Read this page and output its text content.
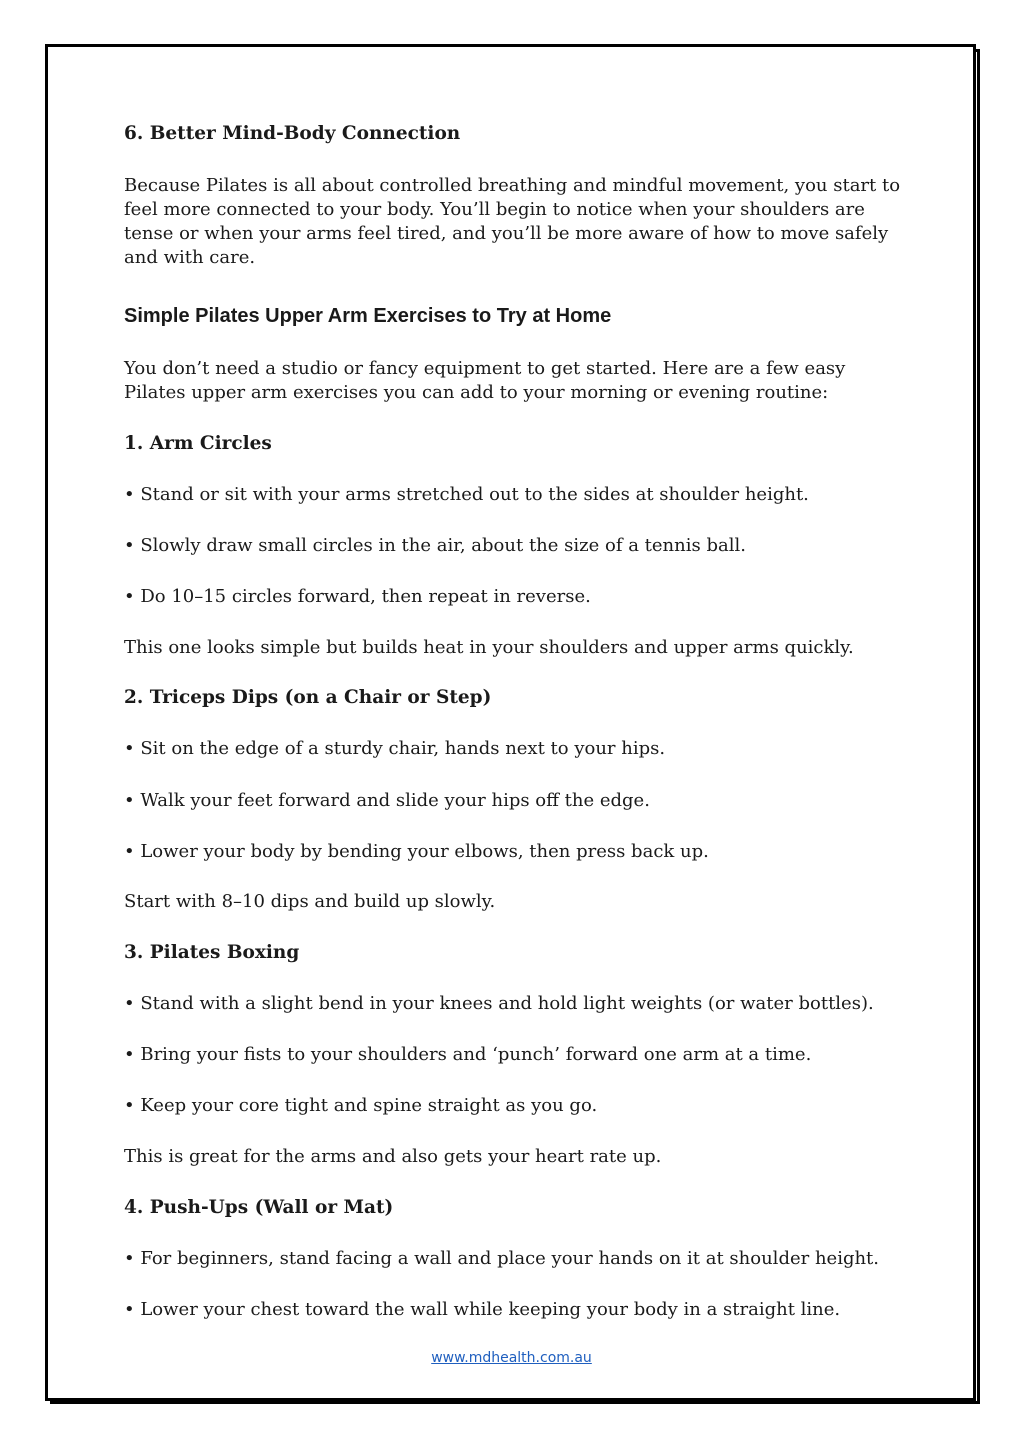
6. Better Mind-Body Connection

Because Pilates is all about controlled breathing and mindful movement, you start to feel more connected to your body. You’ll begin to notice when your shoulders are tense or when your arms feel tired, and you’ll be more aware of how to move safely and with care.

Simple Pilates Upper Arm Exercises to Try at Home

You don’t need a studio or fancy equipment to get started. Here are a few easy Pilates upper arm exercises you can add to your morning or evening routine:

1. Arm Circles

• Stand or sit with your arms stretched out to the sides at shoulder height.

• Slowly draw small circles in the air, about the size of a tennis ball.

• Do 10–15 circles forward, then repeat in reverse.

This one looks simple but builds heat in your shoulders and upper arms quickly.

2. Triceps Dips (on a Chair or Step)

• Sit on the edge of a sturdy chair, hands next to your hips.

• Walk your feet forward and slide your hips off the edge.

• Lower your body by bending your elbows, then press back up.

Start with 8–10 dips and build up slowly.

3. Pilates Boxing

• Stand with a slight bend in your knees and hold light weights (or water bottles).

• Bring your fists to your shoulders and ‘punch’ forward one arm at a time.

• Keep your core tight and spine straight as you go.

This is great for the arms and also gets your heart rate up.

4. Push-Ups (Wall or Mat)

• For beginners, stand facing a wall and place your hands on it at shoulder height.

• Lower your chest toward the wall while keeping your body in a straight line.

www.mdhealth.com.au
